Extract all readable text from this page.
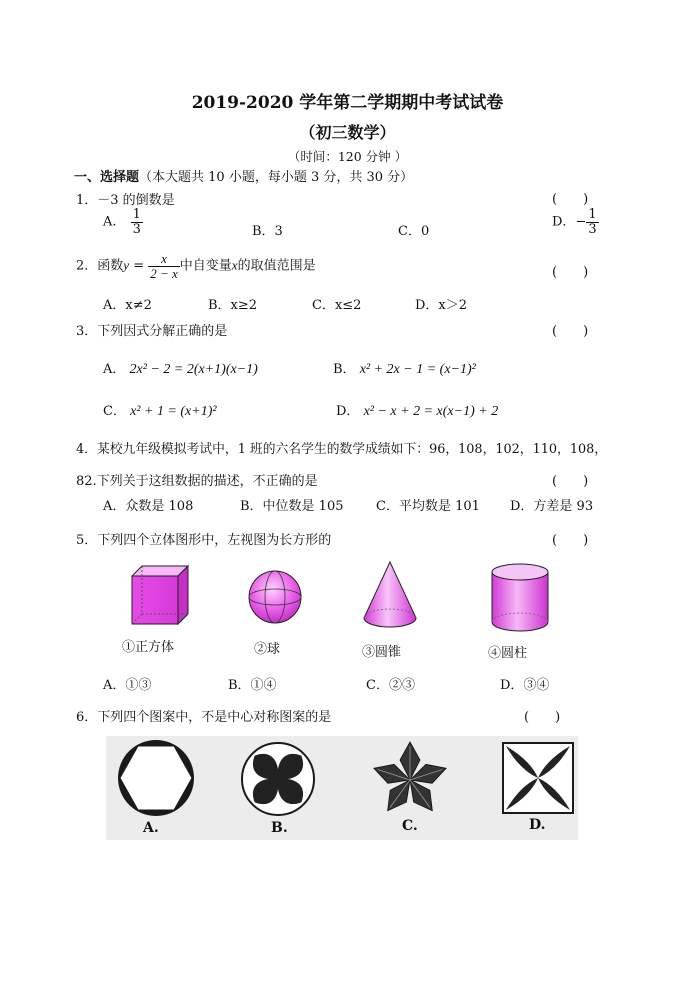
2019-2020 学年第二学期期中考试试卷
（初三数学）
（时间：120 分钟 ）
一、选择题（本大题共 10 小题，每小题 3 分，共 30 分）
1．－3 的倒数是	(　　)
A. $\frac{1}{3}$	B．3	C．0
D．− $\frac{1}{3}$
2．函数$y = \frac{x}{2 - x}$ 中自变量x的取值范围是	(　　)
A．x≠2	B．x≥2	C．x≤2	D．x＞2
3．下列因式分解正确的是	(　　)
A． 2x² − 2 = 2(x+1)(x−1)	B． x² + 2x − 1 = (x−1)²
C． x² + 1 = (x+1)²	D． x² − x + 2 = x(x−1) + 2
4．某校九年级模拟考试中，1 班的六名学生的数学成绩如下：96，108，102，110，108，
82.下列关于这组数据的描述，不正确的是	(　　)
A．众数是 108	B．中位数是 105	C．平均数是 101 D．方差是 93
5．下列四个立体图形中，左视图为长方形的	(　　)
①正方体	②球	③圆锥	④圆柱
A．①③	B．①④	C．②③	D．③④
6．下列四个图案中，不是中心对称图案的是	(　　)
A.	B.	C.	D.
